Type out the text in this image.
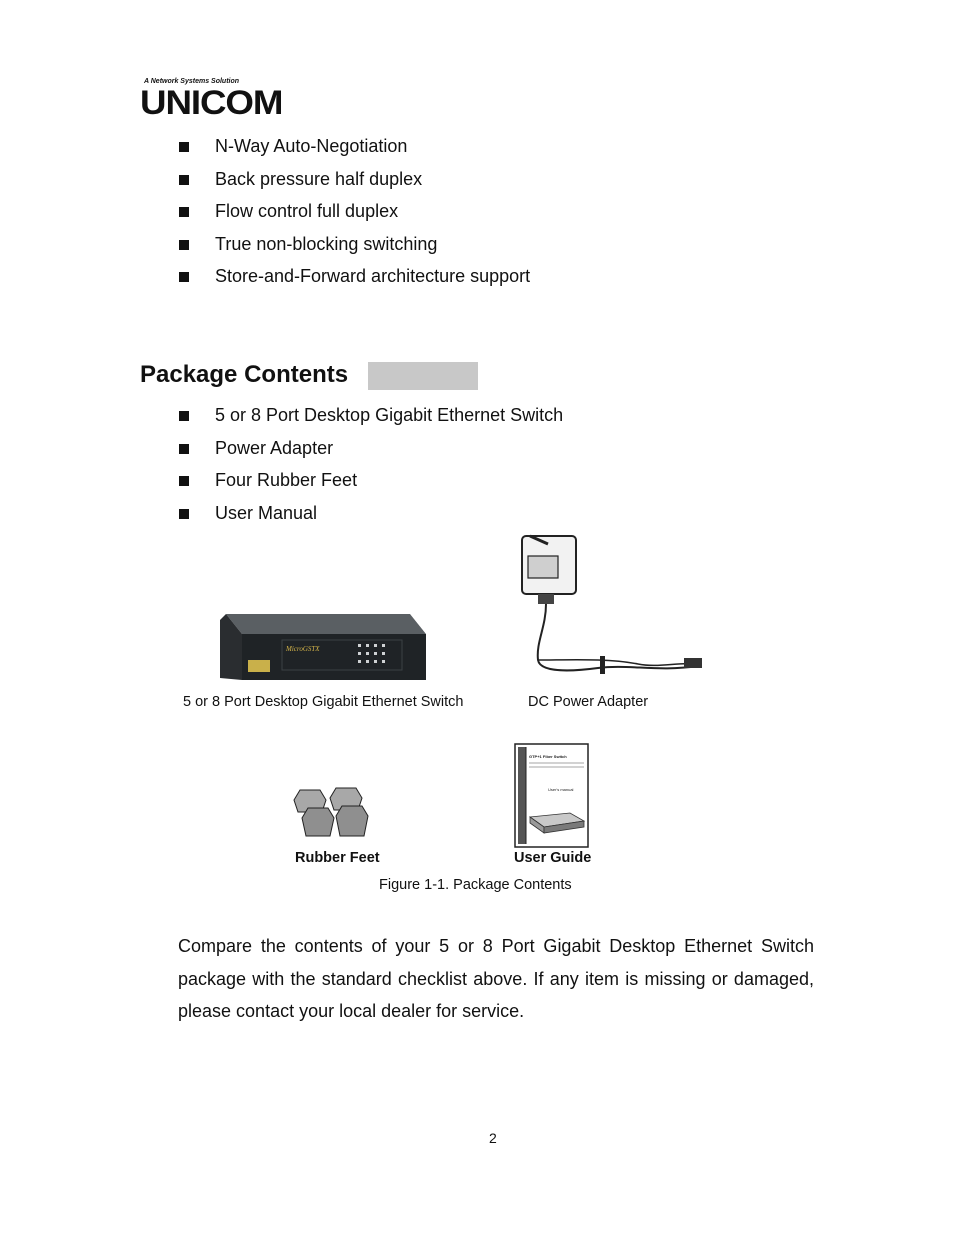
A Network Systems Solution
UNICOM
N-Way Auto-Negotiation
Back pressure half duplex
Flow control full duplex
True non-blocking switching
Store-and-Forward architecture support
Package Contents
5 or 8 Port Desktop Gigabit Ethernet Switch
Power Adapter
Four Rubber Feet
User Manual
MicroGSTX
5 or 8 Port Desktop Gigabit Ethernet Switch	DC Power Adapter
GTP+1 Fiber Switch
User's manual
Rubber Feet	User Guide
Figure 1-1. Package Contents
Compare the contents of your 5 or 8 Port Gigabit Desktop Ethernet Switch package with the standard checklist above. If any item is missing or damaged, please contact your local dealer for service.
2
